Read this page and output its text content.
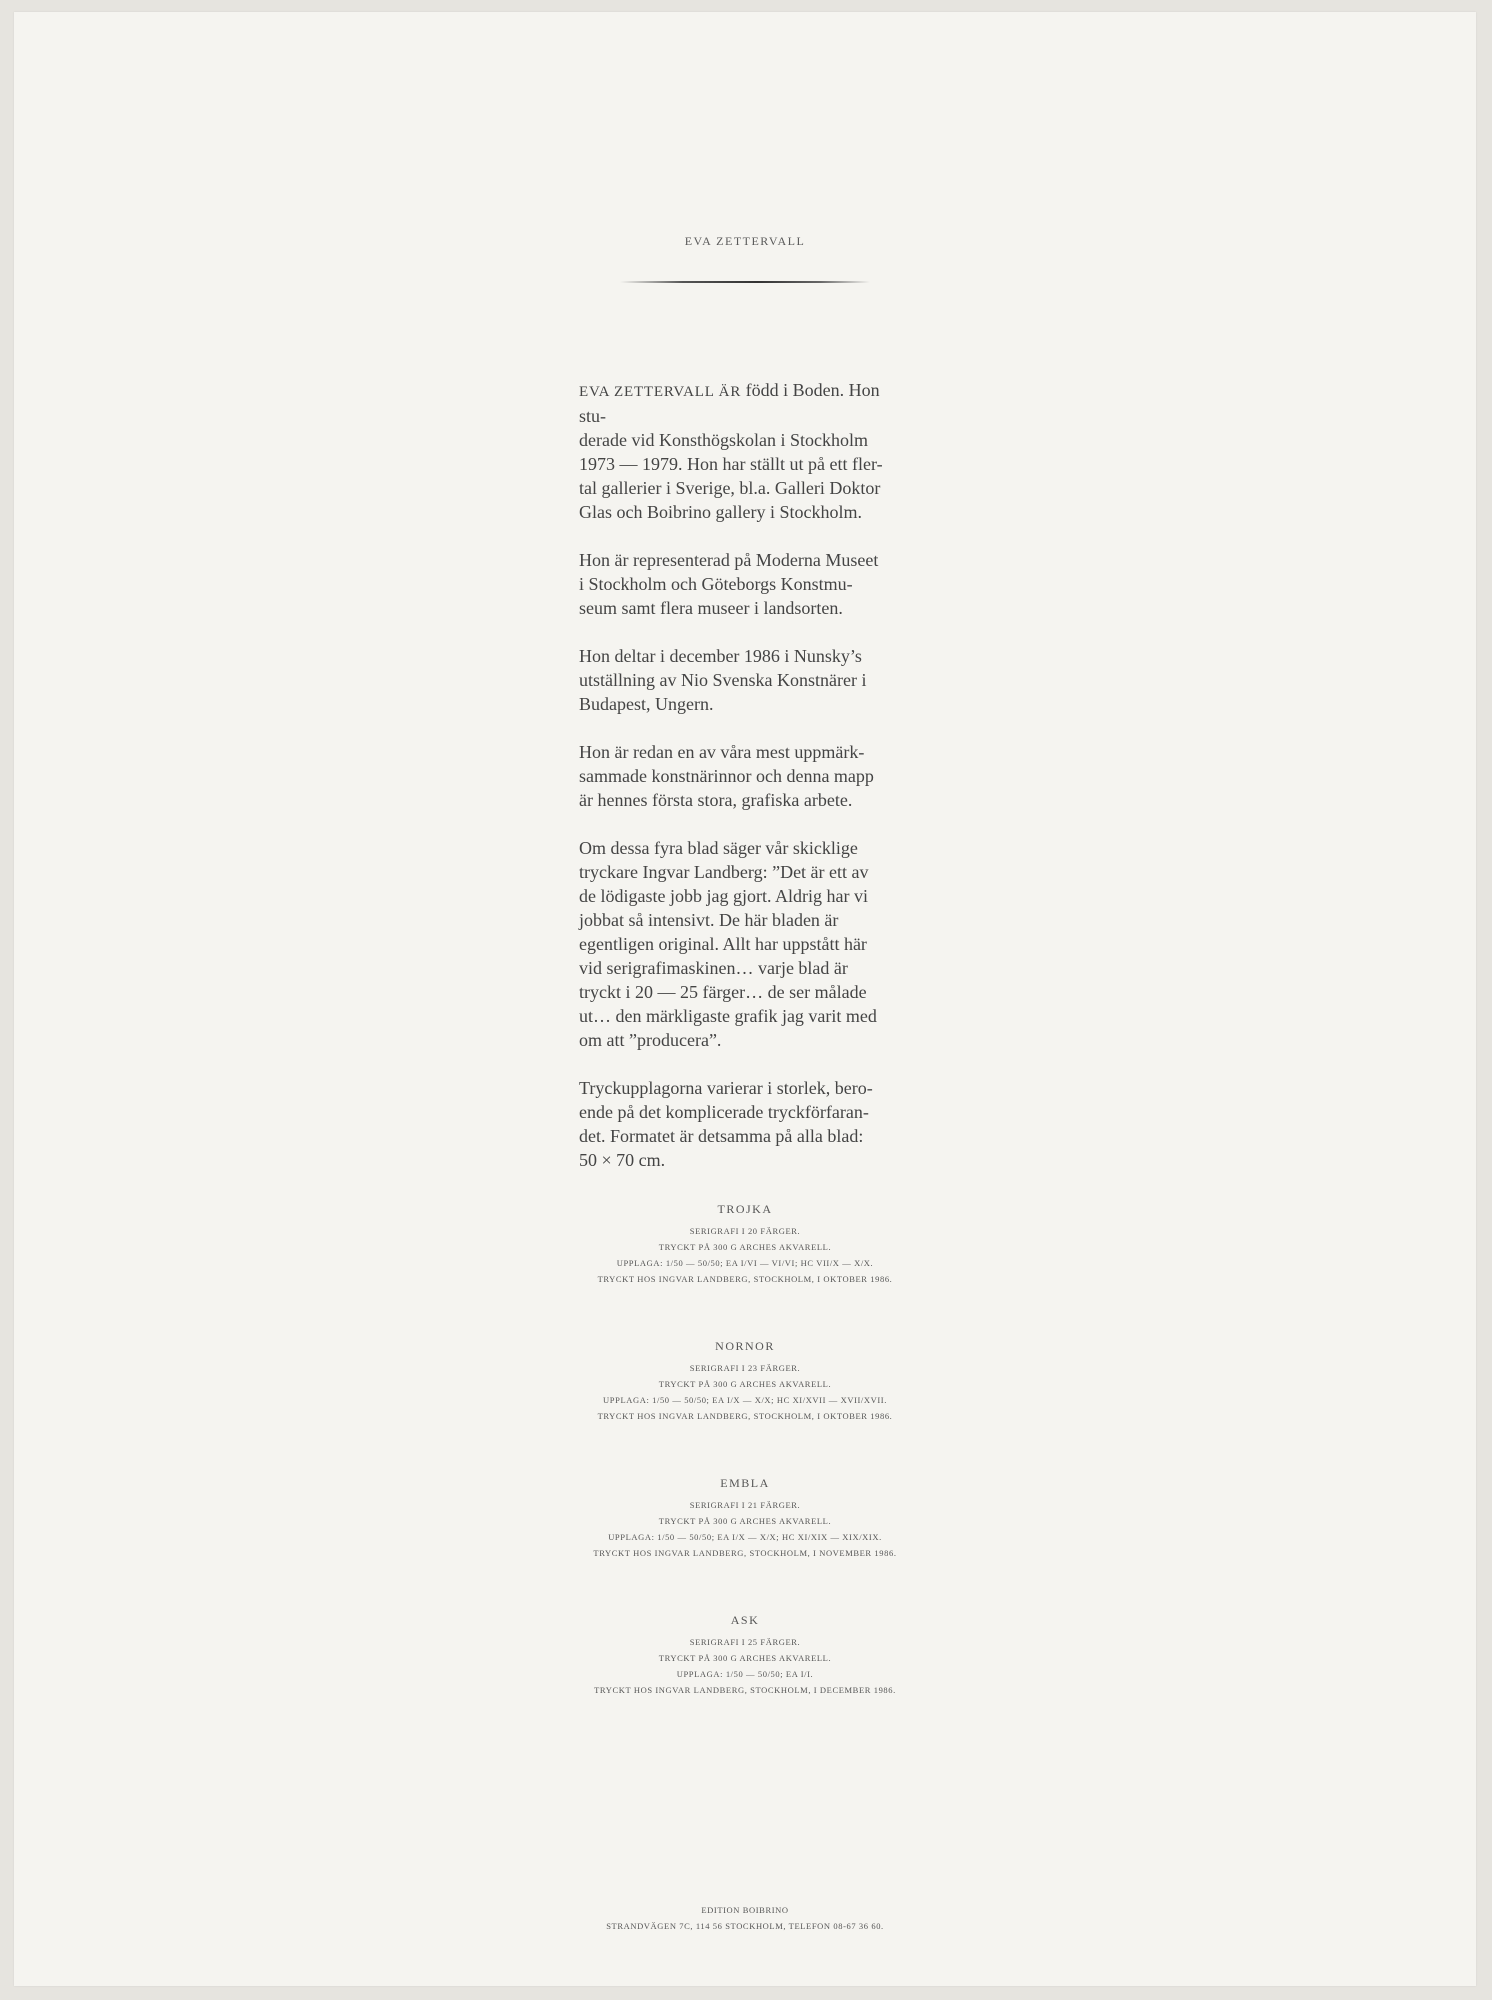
EVA ZETTERVALL

EVA ZETTERVALL ÄR född i Boden. Hon stu-
derade vid Konsthögskolan i Stockholm
1973 — 1979. Hon har ställt ut på ett fler-
tal gallerier i Sverige, bl.a. Galleri Doktor
Glas och Boibrino gallery i Stockholm.

Hon är representerad på Moderna Museet
i Stockholm och Göteborgs Konstmu-
seum samt flera museer i landsorten.

Hon deltar i december 1986 i Nunsky’s
utställning av Nio Svenska Konstnärer i
Budapest, Ungern.

Hon är redan en av våra mest uppmärk-
sammade konstnärinnor och denna mapp
är hennes första stora, grafiska arbete.

Om dessa fyra blad säger vår skicklige
tryckare Ingvar Landberg: ”Det är ett av
de lödigaste jobb jag gjort. Aldrig har vi
jobbat så intensivt. De här bladen är
egentligen original. Allt har uppstått här
vid serigrafimaskinen… varje blad är
tryckt i 20 — 25 färger… de ser målade
ut… den märkligaste grafik jag varit med
om att ”producera”.

Tryckupplagorna varierar i storlek, bero-
ende på det komplicerade tryckförfaran-
det. Formatet är detsamma på alla blad:
50 × 70 cm.

TROJKA
SERIGRAFI I 20 FÄRGER.
TRYCKT PÅ 300 G ARCHES AKVARELL.
UPPLAGA: 1/50 — 50/50; EA I/VI — VI/VI; HC VII/X — X/X.
TRYCKT HOS INGVAR LANDBERG, STOCKHOLM, I OKTOBER 1986.
NORNOR
SERIGRAFI I 23 FÄRGER.
TRYCKT PÅ 300 G ARCHES AKVARELL.
UPPLAGA: 1/50 — 50/50; EA I/X — X/X; HC XI/XVII — XVII/XVII.
TRYCKT HOS INGVAR LANDBERG, STOCKHOLM, I OKTOBER 1986.
EMBLA
SERIGRAFI I 21 FÄRGER.
TRYCKT PÅ 300 G ARCHES AKVARELL.
UPPLAGA: 1/50 — 50/50; EA I/X — X/X; HC XI/XIX — XIX/XIX.
TRYCKT HOS INGVAR LANDBERG, STOCKHOLM, I NOVEMBER 1986.
ASK
SERIGRAFI I 25 FÄRGER.
TRYCKT PÅ 300 G ARCHES AKVARELL.
UPPLAGA: 1/50 — 50/50; EA I/I.
TRYCKT HOS INGVAR LANDBERG, STOCKHOLM, I DECEMBER 1986.
EDITION BOIBRINO
STRANDVÄGEN 7C, 114 56 STOCKHOLM, TELEFON 08-67 36 60.
